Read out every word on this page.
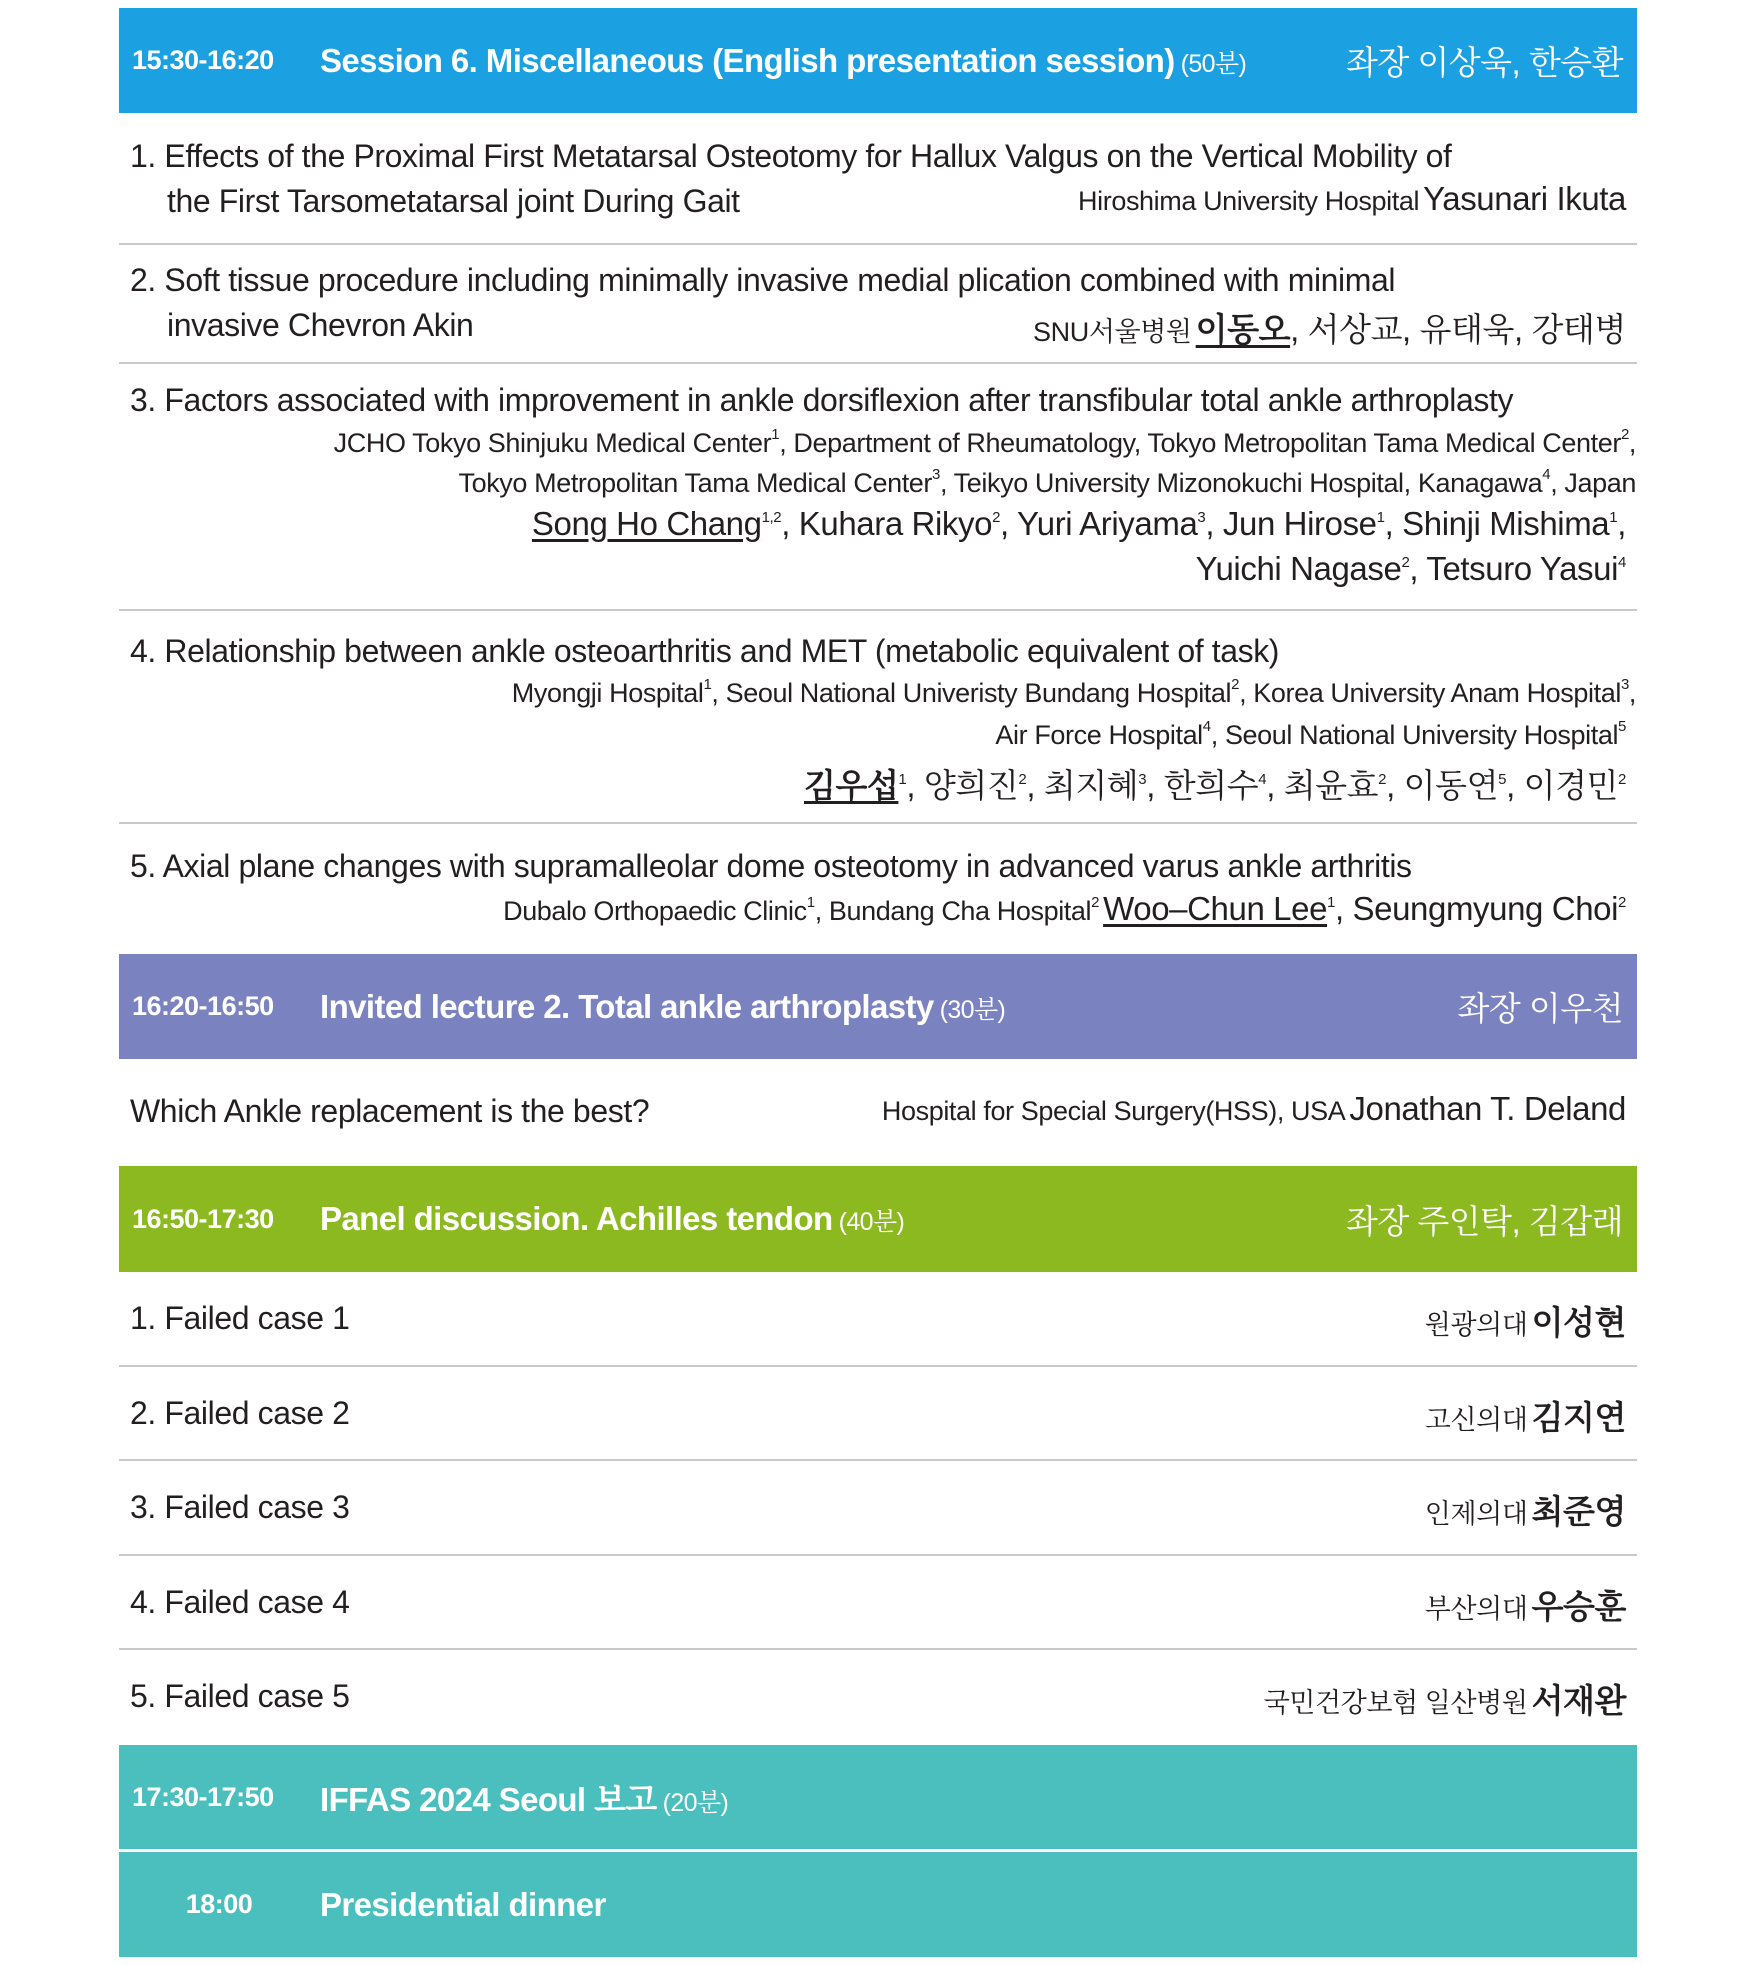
15:30-16:20 Session 6. Miscellaneous (English presentation session) (50분)	좌장 이상욱, 한승환
1. Effects of the Proximal First Metatarsal Osteotomy for Hallux Valgus on the Vertical Mobility of
the First Tarsometatarsal joint During Gait	Hiroshima University Hospital Yasunari Ikuta
2. Soft tissue procedure including minimally invasive medial plication combined with minimal
invasive Chevron Akin	SNU서울병원 이동오, 서상교, 유태욱, 강태병
3. Factors associated with improvement in ankle dorsiflexion after transfibular total ankle arthroplasty
JCHO Tokyo Shinjuku Medical Center$^1$, Department of Rheumatology, Tokyo Metropolitan Tama Medical Center$^2$,
Tokyo Metropolitan Tama Medical Center$^3$, Teikyo University Mizonokuchi Hospital, Kanagawa$^4$, Japan
Song Ho Chang$^{1,2}$, Kuhara Rikyo$^2$, Yuri Ariyama$^3$, Jun Hirose$^1$, Shinji Mishima$^1$,
Yuichi Nagase$^2$, Tetsuro Yasui$^4$
4. Relationship between ankle osteoarthritis and MET (metabolic equivalent of task)
Myongji Hospital$^1$, Seoul National Univeristy Bundang Hospital$^2$, Korea University Anam Hospital$^3$,
Air Force Hospital$^4$, Seoul National University Hospital$^5$
김우섭$^1$, 양희진$^2$, 최지혜$^3$, 한희수$^4$, 최윤효$^2$, 이동연$^5$, 이경민$^2$
5. Axial plane changes with supramalleolar dome osteotomy in advanced varus ankle arthritis
Dubalo Orthopaedic Clinic$^1$, Bundang Cha Hospital$^2$ Woo–Chun Lee$^1$, Seungmyung Choi$^2$
16:20-16:50 Invited lecture 2. Total ankle arthroplasty (30분)	좌장 이우천
Which Ankle replacement is the best?	Hospital for Special Surgery(HSS), USA Jonathan T. Deland
16:50-17:30 Panel discussion. Achilles tendon (40분)	좌장 주인탁, 김갑래
1. Failed case 1	원광의대 이성현
2. Failed case 2	고신의대 김지연
3. Failed case 3	인제의대 최준영
4. Failed case 4	부산의대 우승훈
5. Failed case 5	국민건강보험 일산병원 서재완
17:30-17:50 IFFAS 2024 Seoul 보고 (20분)
18:00	Presidential dinner
